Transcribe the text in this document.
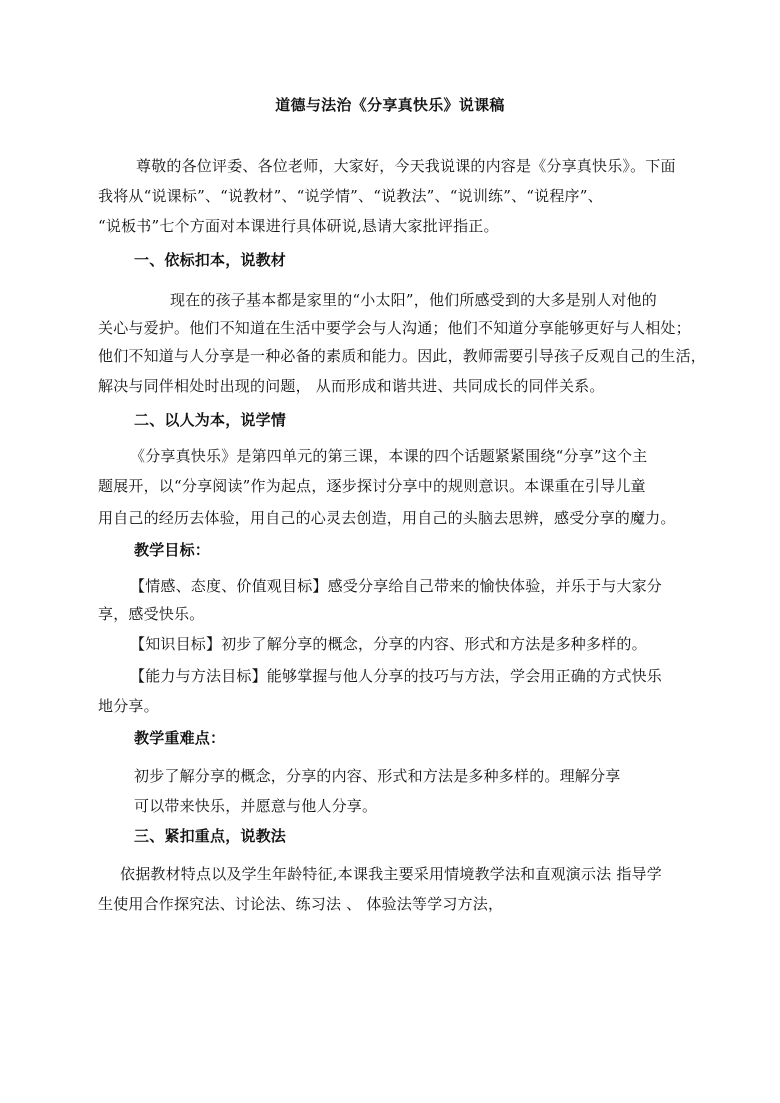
道德与法治《分享真快乐》说课稿
尊敬的各位评委、各位老师，大家好，今天我说课的内容是《分享真快乐》。下面
我将从“说课标”、“说教材”、“说学情”、“说教法”、“说训练”、“说程序”、
“说板书”七个方面对本课进行具体研说,恳请大家批评指正。
一、依标扣本，说教材
现在的孩子基本都是家里的“小太阳”，他们所感受到的大多是别人对他的
关心与爱护。他们不知道在生活中要学会与人沟通；他们不知道分享能够更好与人相处；
他们不知道与人分享是一种必备的素质和能力。因此，教师需要引导孩子反观自己的生活，
解决与同伴相处时出现的问题， 从而形成和谐共进、共同成长的同伴关系。
二、以人为本，说学情
《分享真快乐》是第四单元的第三课，本课的四个话题紧紧围绕“分享”这个主
题展开，以“分享阅读”作为起点，逐步探讨分享中的规则意识。本课重在引导儿童
用自己的经历去体验，用自己的心灵去创造，用自己的头脑去思辨，感受分享的魔力。
教学目标：
【情感、态度、价值观目标】感受分享给自己带来的愉快体验，并乐于与大家分
享，感受快乐。
【知识目标】初步了解分享的概念，分享的内容、形式和方法是多种多样的。
【能力与方法目标】能够掌握与他人分享的技巧与方法，学会用正确的方式快乐
地分享。
教学重难点：
初步了解分享的概念，分享的内容、形式和方法是多种多样的。理解分享
可以带来快乐，并愿意与他人分享。
三、紧扣重点，说教法
依据教材特点以及学生年龄特征,本课我主要采用情境教学法和直观演示法 指导学
生使用合作探究法、讨论法、练习法 、 体验法等学习方法，
